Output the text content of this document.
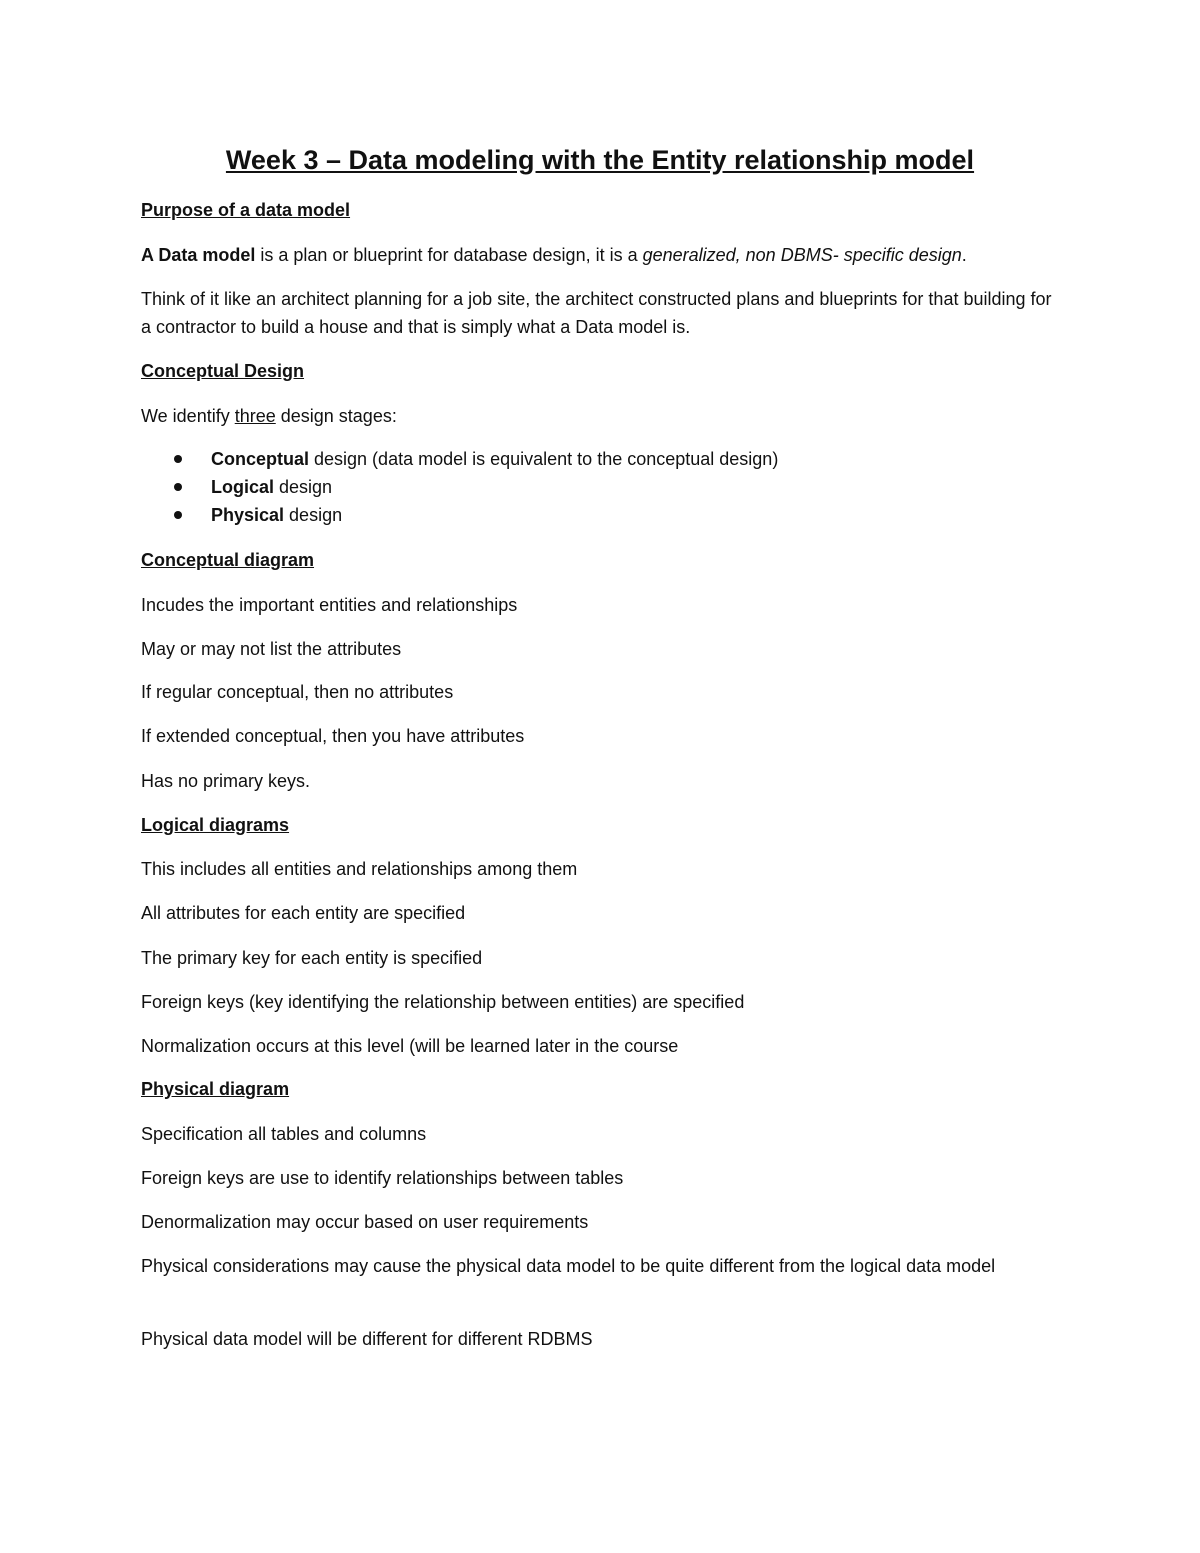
Week 3 – Data modeling with the Entity relationship model

Purpose of a data model

A Data model is a plan or blueprint for database design, it is a generalized, non DBMS- specific design.

Think of it like an architect planning for a job site, the architect constructed plans and blueprints for that building for a contractor to build a house and that is simply what a Data model is.

Conceptual Design

We identify three design stages:

Conceptual design (data model is equivalent to the conceptual design)
Logical design
Physical design

Conceptual diagram

Incudes the important entities and relationships

May or may not list the attributes

If regular conceptual, then no attributes

If extended conceptual, then you have attributes

Has no primary keys.

Logical diagrams

This includes all entities and relationships among them

All attributes for each entity are specified

The primary key for each entity is specified

Foreign keys (key identifying the relationship between entities) are specified

Normalization occurs at this level (will be learned later in the course

Physical diagram

Specification all tables and columns

Foreign keys are use to identify relationships between tables

Denormalization may occur based on user requirements

Physical considerations may cause the physical data model to be quite different from the logical data model

Physical data model will be different for different RDBMS
